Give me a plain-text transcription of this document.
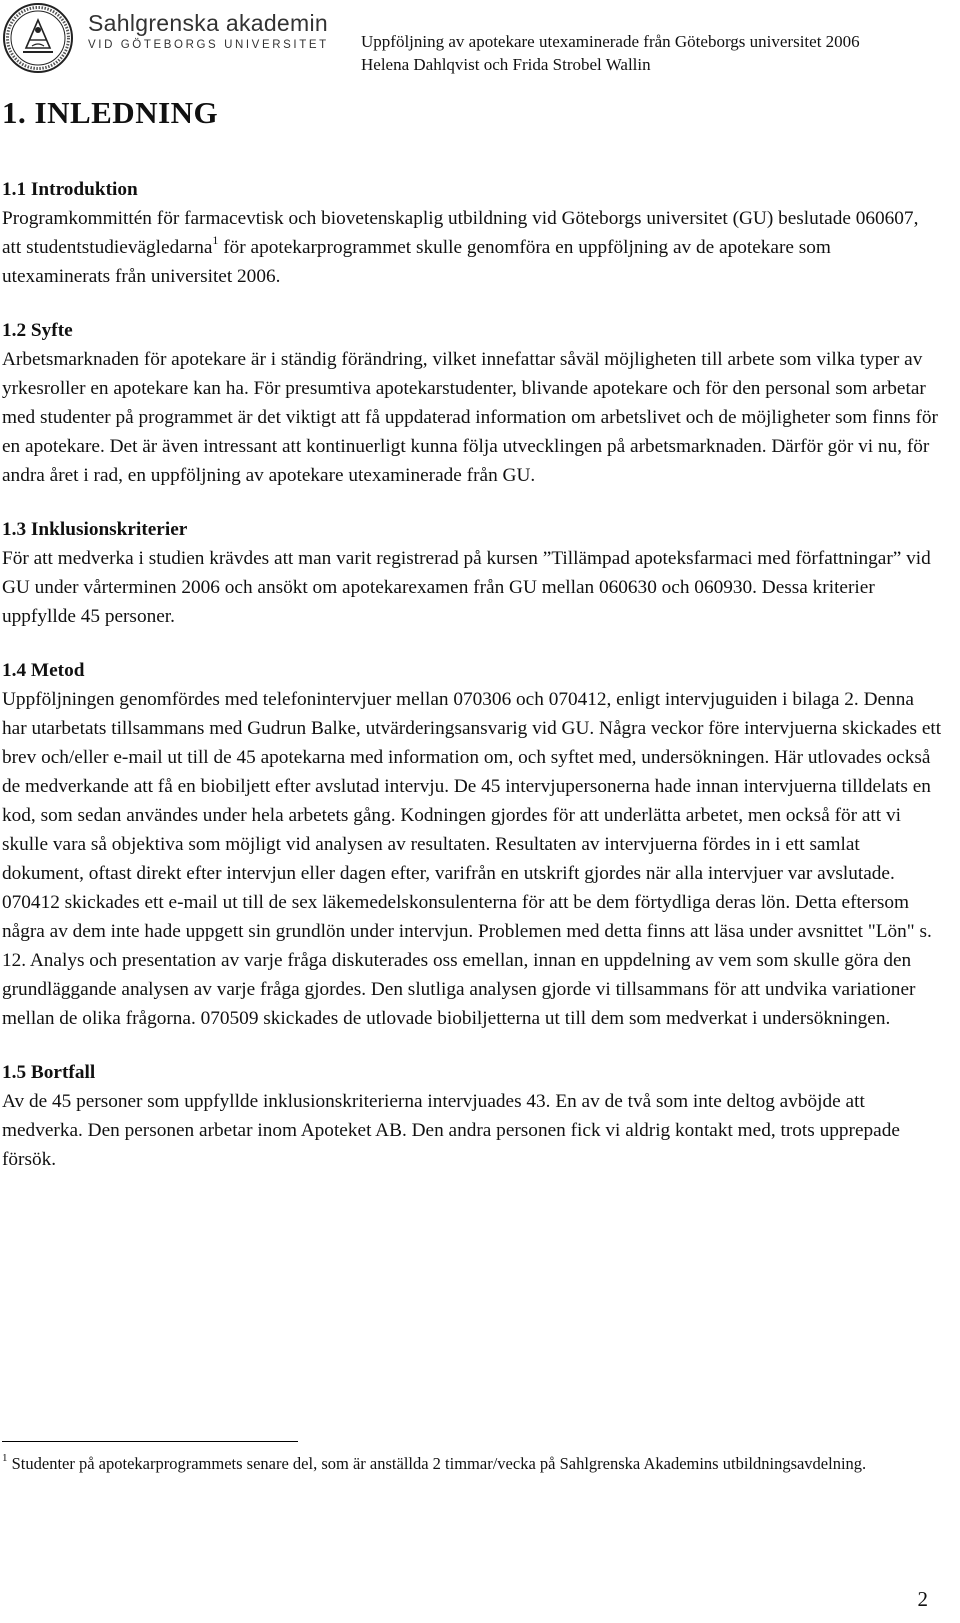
Sahlgrenska akademin
VID GÖTEBORGS UNIVERSITET Uppföljning av apotekare utexaminerade från Göteborgs universitet 2006
Helena Dahlqvist och Frida Strobel Wallin
1. INLEDNING
1.1 Introduktion

Programkommittén för farmacevtisk och biovetenskaplig utbildning vid Göteborgs universitet (GU) beslutade 060607, att studentstudievägledarna$^1$ för apotekarprogrammet skulle genomföra en uppföljning av de apotekare som utexaminerats från universitet 2006.

1.2 Syfte

Arbetsmarknaden för apotekare är i ständig förändring, vilket innefattar såväl möjligheten till arbete som vilka typer av yrkesroller en apotekare kan ha. För presumtiva apotekarstudenter, blivande apotekare och för den personal som arbetar med studenter på programmet är det viktigt att få uppdaterad information om arbetslivet och de möjligheter som finns för en apotekare. Det är även intressant att kontinuerligt kunna följa utvecklingen på arbetsmarknaden. Därför gör vi nu, för andra året i rad, en uppföljning av apotekare utexaminerade från GU.

1.3 Inklusionskriterier

För att medverka i studien krävdes att man varit registrerad på kursen ”Tillämpad apoteksfarmaci med författningar” vid GU under vårterminen 2006 och ansökt om apotekarexamen från GU mellan 060630 och 060930. Dessa kriterier uppfyllde 45 personer.

1.4 Metod

Uppföljningen genomfördes med telefonintervjuer mellan 070306 och 070412, enligt intervjuguiden i bilaga 2. Denna har utarbetats tillsammans med Gudrun Balke, utvärderingsansvarig vid GU. Några veckor före intervjuerna skickades ett brev och/eller e-mail ut till de 45 apotekarna med information om, och syftet med, undersökningen. Här utlovades också de medverkande att få en biobiljett efter avslutad intervju. De 45 intervjupersonerna hade innan intervjuerna tilldelats en kod, som sedan användes under hela arbetets gång. Kodningen gjordes för att underlätta arbetet, men också för att vi skulle vara så objektiva som möjligt vid analysen av resultaten. Resultaten av intervjuerna fördes in i ett samlat dokument, oftast direkt efter intervjun eller dagen efter, varifrån en utskrift gjordes när alla intervjuer var avslutade. 070412 skickades ett e-mail ut till de sex läkemedelskonsulenterna för att be dem förtydliga deras lön. Detta eftersom några av dem inte hade uppgett sin grundlön under intervjun. Problemen med detta finns att läsa under avsnittet "Lön" s. 12. Analys och presentation av varje fråga diskuterades oss emellan, innan en uppdelning av vem som skulle göra den grundläggande analysen av varje fråga gjordes. Den slutliga analysen gjorde vi tillsammans för att undvika variationer mellan de olika frågorna. 070509 skickades de utlovade biobiljetterna ut till dem som medverkat i undersökningen.

1.5 Bortfall

Av de 45 personer som uppfyllde inklusionskriterierna intervjuades 43. En av de två som inte deltog avböjde att medverka. Den personen arbetar inom Apoteket AB. Den andra personen fick vi aldrig kontakt med, trots upprepade försök.

$^1$ Studenter på apotekarprogrammets senare del, som är anställda 2 timmar/vecka på Sahlgrenska Akademins utbildningsavdelning.
2
